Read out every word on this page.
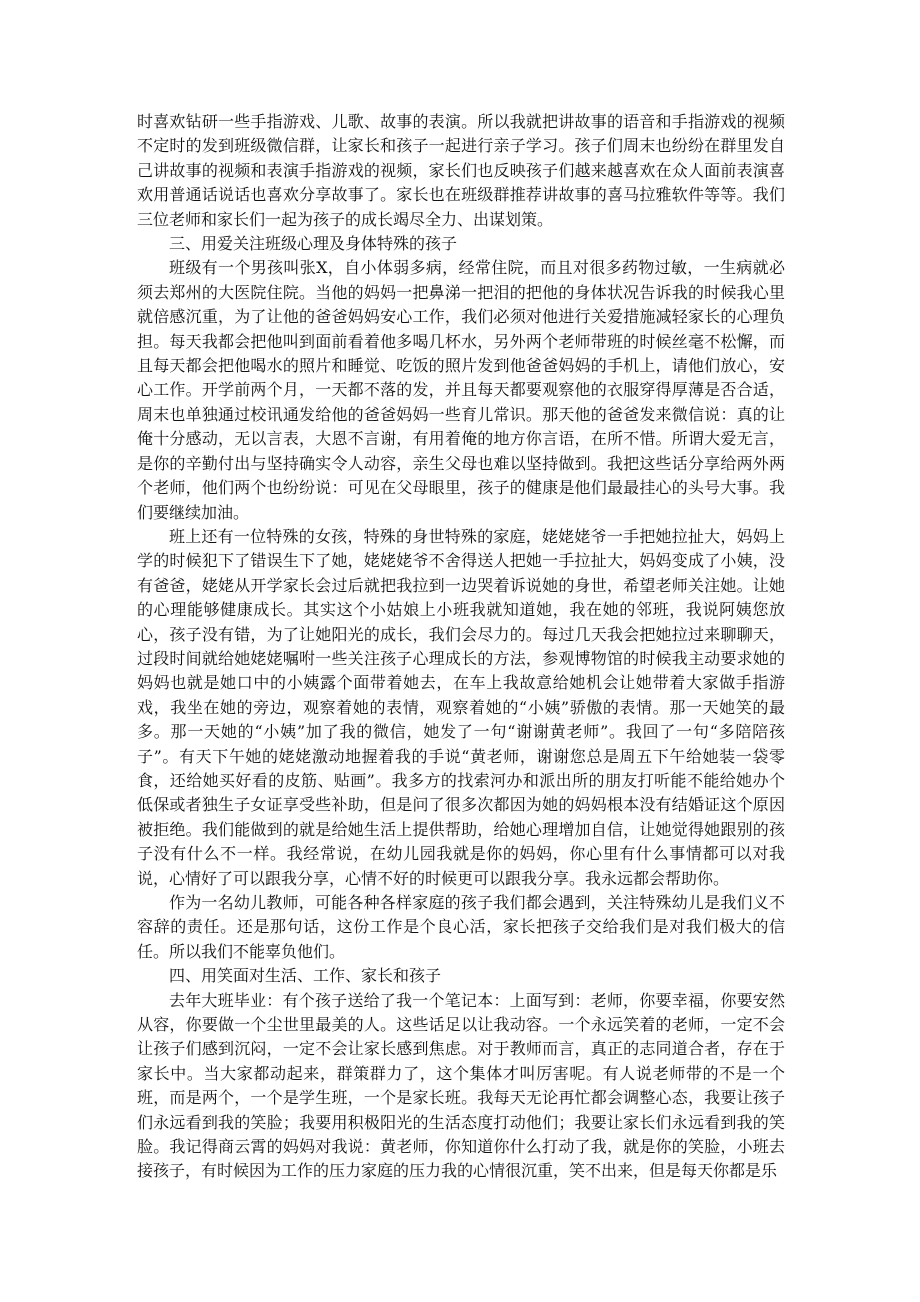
时喜欢钻研一些手指游戏、儿歌、故事的表演。所以我就把讲故事的语音和手指游戏的视频不定时的发到班级微信群，让家长和孩子一起进行亲子学习。孩子们周末也纷纷在群里发自己讲故事的视频和表演手指游戏的视频，家长们也反映孩子们越来越喜欢在众人面前表演喜欢用普通话说话也喜欢分享故事了。家长也在班级群推荐讲故事的喜马拉雅软件等等。我们三位老师和家长们一起为孩子的成长竭尽全力、出谋划策。

三、用爱关注班级心理及身体特殊的孩子

班级有一个男孩叫张X，自小体弱多病，经常住院，而且对很多药物过敏，一生病就必须去郑州的大医院住院。当他的妈妈一把鼻涕一把泪的把他的身体状况告诉我的时候我心里就倍感沉重，为了让他的爸爸妈妈安心工作，我们必须对他进行关爱措施减轻家长的心理负担。每天我都会把他叫到面前看着他多喝几杯水，另外两个老师带班的时候丝毫不松懈，而且每天都会把他喝水的照片和睡觉、吃饭的照片发到他爸爸妈妈的手机上，请他们放心，安心工作。开学前两个月，一天都不落的发，并且每天都要观察他的衣服穿得厚薄是否合适，周末也单独通过校讯通发给他的爸爸妈妈一些育儿常识。那天他的爸爸发来微信说：真的让俺十分感动，无以言表，大恩不言谢，有用着俺的地方你言语，在所不惜。所谓大爱无言，是你的辛勤付出与坚持确实令人动容，亲生父母也难以坚持做到。我把这些话分享给两外两个老师，他们两个也纷纷说：可见在父母眼里，孩子的健康是他们最最挂心的头号大事。我们要继续加油。

班上还有一位特殊的女孩，特殊的身世特殊的家庭，姥姥姥爷一手把她拉扯大，妈妈上学的时候犯下了错误生下了她，姥姥姥爷不舍得送人把她一手拉扯大，妈妈变成了小姨，没有爸爸，姥姥从开学家长会过后就把我拉到一边哭着诉说她的身世，希望老师关注她。让她的心理能够健康成长。其实这个小姑娘上小班我就知道她，我在她的邻班，我说阿姨您放心，孩子没有错，为了让她阳光的成长，我们会尽力的。每过几天我会把她拉过来聊聊天，过段时间就给她姥姥嘱咐一些关注孩子心理成长的方法，参观博物馆的时候我主动要求她的妈妈也就是她口中的小姨露个面带着她去，在车上我故意给她机会让她带着大家做手指游戏，我坐在她的旁边，观察着她的表情，观察着她的“小姨”骄傲的表情。那一天她笑的最多。那一天她的“小姨”加了我的微信，她发了一句“谢谢黄老师”。我回了一句“多陪陪孩子”。有天下午她的姥姥激动地握着我的手说“黄老师，谢谢您总是周五下午给她装一袋零食，还给她买好看的皮筋、贴画”。我多方的找索河办和派出所的朋友打听能不能给她办个低保或者独生子女证享受些补助，但是问了很多次都因为她的妈妈根本没有结婚证这个原因被拒绝。我们能做到的就是给她生活上提供帮助，给她心理增加自信，让她觉得她跟别的孩子没有什么不一样。我经常说，在幼儿园我就是你的妈妈，你心里有什么事情都可以对我说，心情好了可以跟我分享，心情不好的时候更可以跟我分享。我永远都会帮助你。

作为一名幼儿教师，可能各种各样家庭的孩子我们都会遇到，关注特殊幼儿是我们义不容辞的责任。还是那句话，这份工作是个良心活，家长把孩子交给我们是对我们极大的信任。所以我们不能辜负他们。

四、用笑面对生活、工作、家长和孩子

去年大班毕业：有个孩子送给了我一个笔记本：上面写到：老师，你要幸福，你要安然从容，你要做一个尘世里最美的人。这些话足以让我动容。一个永远笑着的老师，一定不会让孩子们感到沉闷，一定不会让家长感到焦虑。对于教师而言，真正的志同道合者，存在于家长中。当大家都动起来，群策群力了，这个集体才叫厉害呢。有人说老师带的不是一个班，而是两个，一个是学生班，一个是家长班。我每天无论再忙都会调整心态，我要让孩子们永远看到我的笑脸；我要用积极阳光的生活态度打动他们；我要让家长们永远看到我的笑脸。我记得商云霄的妈妈对我说：黄老师，你知道你什么打动了我，就是你的笑脸，小班去接孩子，有时候因为工作的压力家庭的压力我的心情很沉重，笑不出来，但是每天你都是乐
